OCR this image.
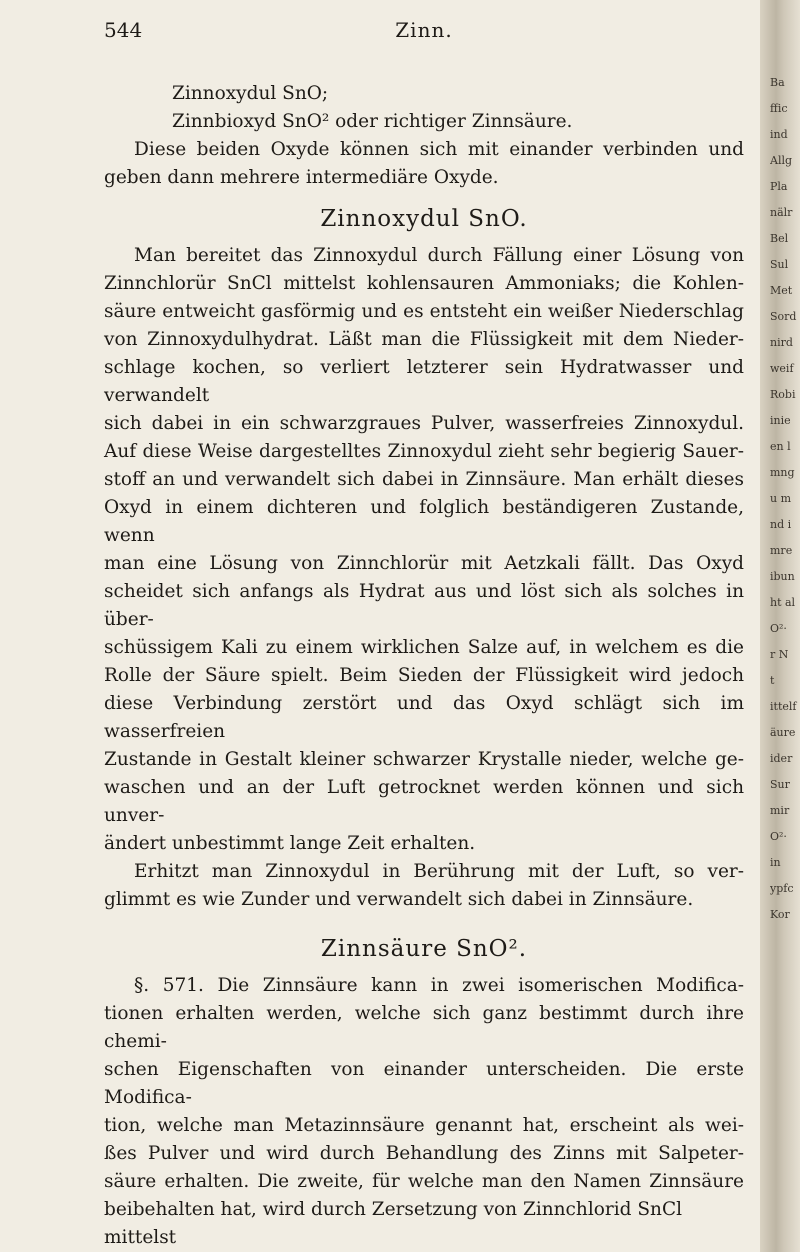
Ba
ffic
ind
Allg
Pla
nälr
Bel
Sul
Met
Sord
nird
weif
Robi
inie
en l
mng
u m
nd i
mre
ibun
ht al
O²·
r N
t
ittelf
äure
ider
Sur
mir
O²·
in
ypfc
Kor
544	Zinn.
Zinnoxydul SnO;
Zinnbioxyd SnO² oder richtiger Zinnsäure.
Diese beiden Oxyde können sich mit einander verbinden und
geben dann mehrere intermediäre Oxyde.
Zinnoxydul SnO.
Man bereitet das Zinnoxydul durch Fällung einer Lösung von
Zinnchlorür SnCl mittelst kohlensauren Ammoniaks; die Kohlen-
säure entweicht gasförmig und es entsteht ein weißer Niederschlag
von Zinnoxydulhydrat. Läßt man die Flüssigkeit mit dem Nieder-
schlage kochen, so verliert letzterer sein Hydratwasser und verwandelt
sich dabei in ein schwarzgraues Pulver, wasserfreies Zinnoxydul.
Auf diese Weise dargestelltes Zinnoxydul zieht sehr begierig Sauer-
stoff an und verwandelt sich dabei in Zinnsäure. Man erhält dieses
Oxyd in einem dichteren und folglich beständigeren Zustande, wenn
man eine Lösung von Zinnchlorür mit Aetzkali fällt. Das Oxyd
scheidet sich anfangs als Hydrat aus und löst sich als solches in über-
schüssigem Kali zu einem wirklichen Salze auf, in welchem es die
Rolle der Säure spielt. Beim Sieden der Flüssigkeit wird jedoch
diese Verbindung zerstört und das Oxyd schlägt sich im wasserfreien
Zustande in Gestalt kleiner schwarzer Krystalle nieder, welche ge-
waschen und an der Luft getrocknet werden können und sich unver-
ändert unbestimmt lange Zeit erhalten.
Erhitzt man Zinnoxydul in Berührung mit der Luft, so ver-
glimmt es wie Zunder und verwandelt sich dabei in Zinnsäure.
Zinnsäure SnO².
§. 571. Die Zinnsäure kann in zwei isomerischen Modifica-
tionen erhalten werden, welche sich ganz bestimmt durch ihre chemi-
schen Eigenschaften von einander unterscheiden. Die erste Modifica-
tion, welche man Metazinnsäure genannt hat, erscheint als wei-
ßes Pulver und wird durch Behandlung des Zinns mit Salpeter-
säure erhalten. Die zweite, für welche man den Namen Zinnsäure
beibehalten hat, wird durch Zersetzung von Zinnchlorid SnCl mittelst
